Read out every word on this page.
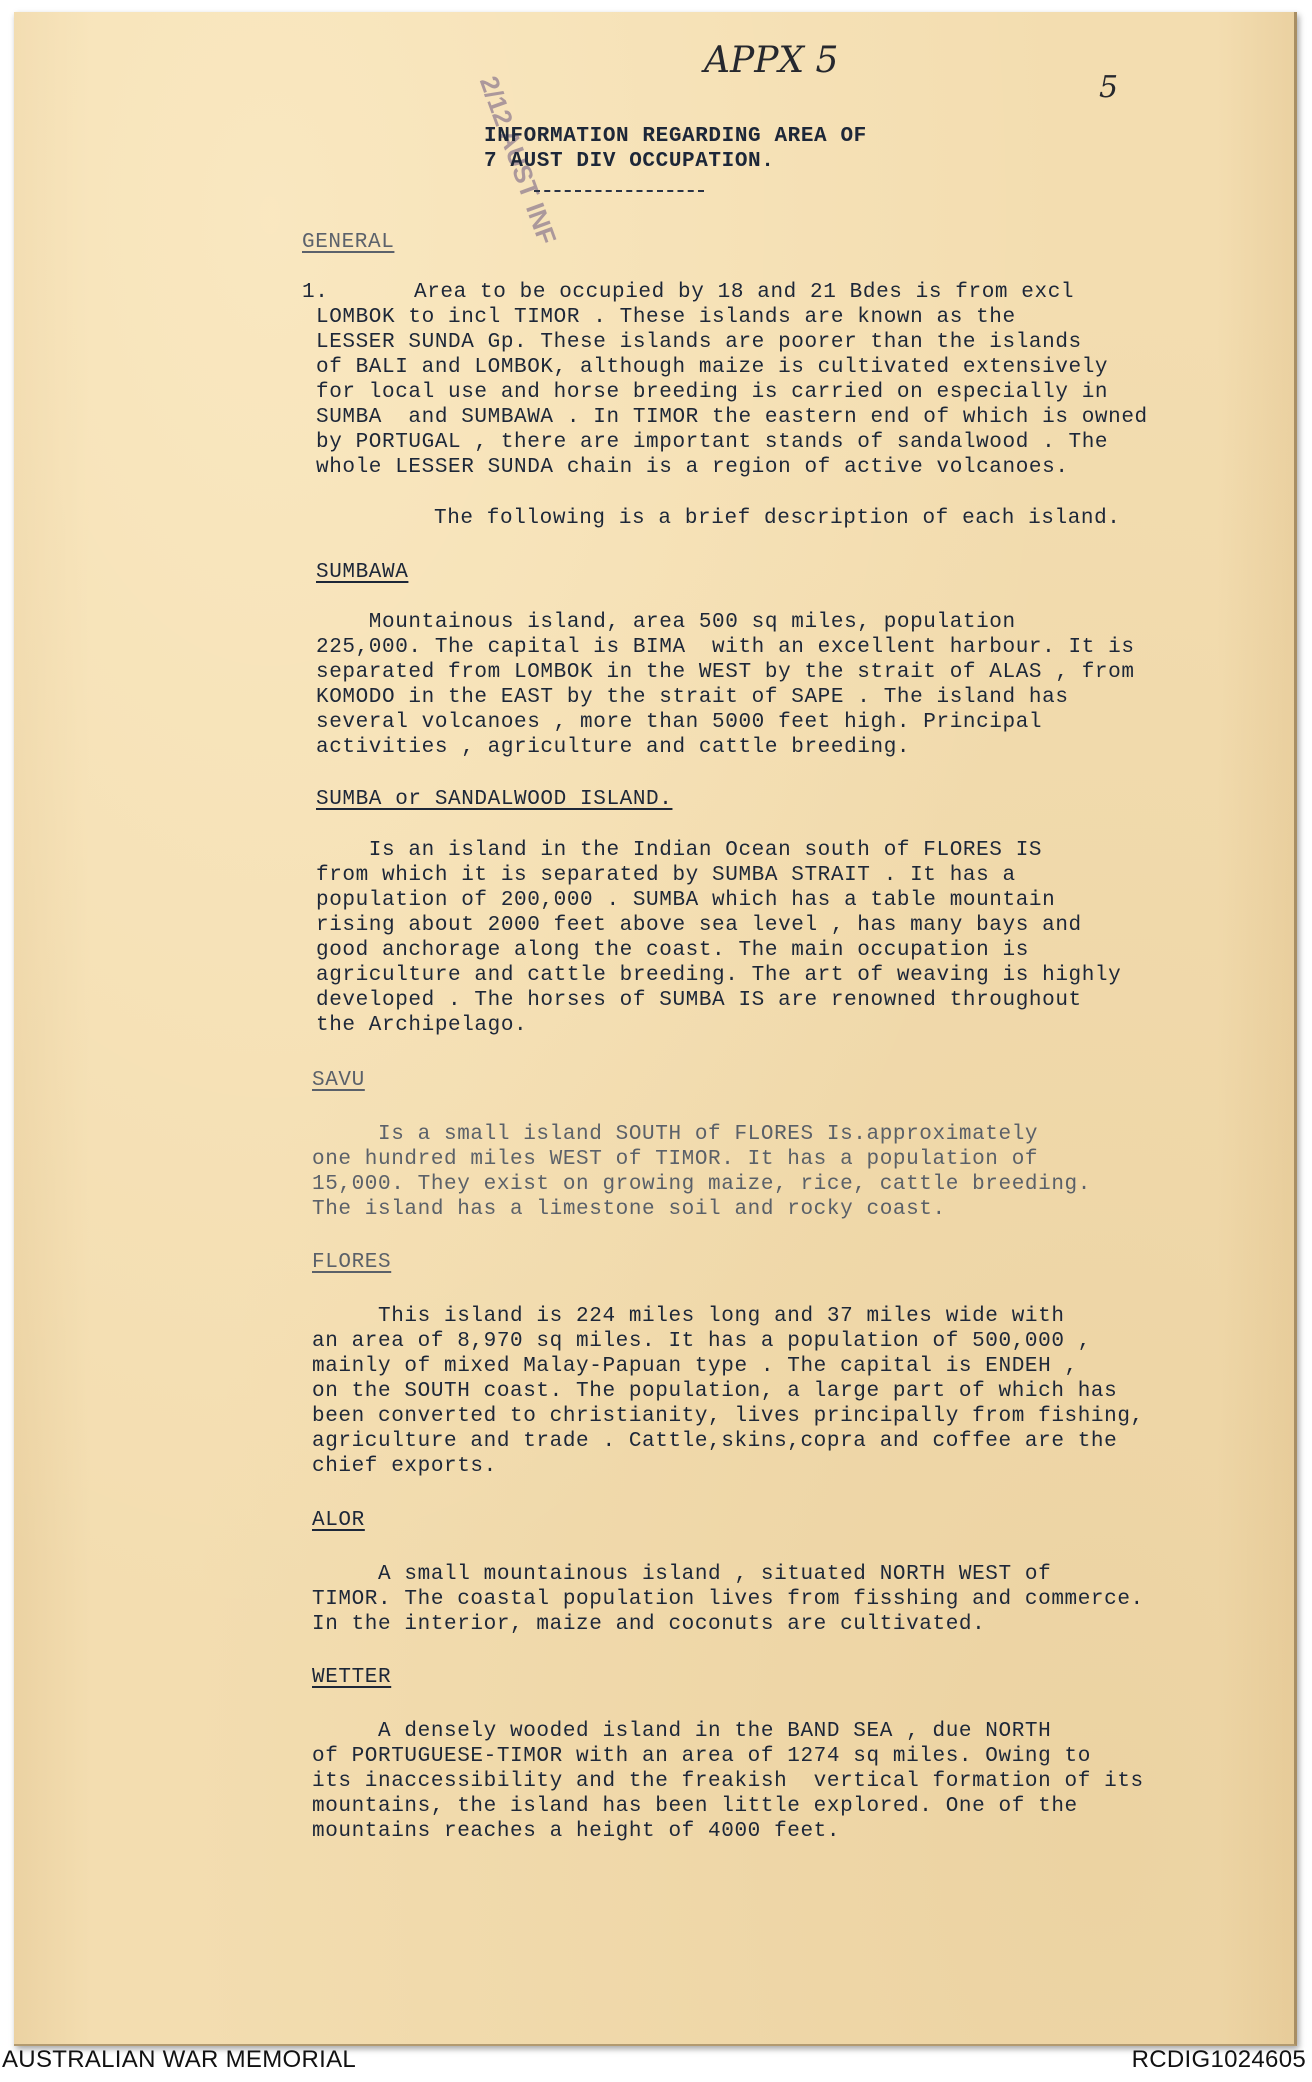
APPX 5
5
2/12 AUST INF
INFORMATION REGARDING AREA OF
7 AUST DIV OCCUPATION.
GENERAL
1.	Area to be occupied by 18 and 21 Bdes is from excl
LOMBOK to incl TIMOR . These islands are known as the
LESSER SUNDA Gp. These islands are poorer than the islands
of BALI and LOMBOK, although maize is cultivated extensively
for local use and horse breeding is carried on especially in
SUMBA  and SUMBAWA . In TIMOR the eastern end of which is owned
by PORTUGAL , there are important stands of sandalwood . The
whole LESSER SUNDA chain is a region of active volcanoes.
The following is a brief description of each island.
SUMBAWA
Mountainous island, area 500 sq miles, population
225,000. The capital is BIMA  with an excellent harbour. It is
separated from LOMBOK in the WEST by the strait of ALAS , from
KOMODO in the EAST by the strait of SAPE . The island has
several volcanoes , more than 5000 feet high. Principal
activities , agriculture and cattle breeding.
SUMBA or SANDALWOOD ISLAND.
Is an island in the Indian Ocean south of FLORES IS
from which it is separated by SUMBA STRAIT . It has a
population of 200,000 . SUMBA which has a table mountain
rising about 2000 feet above sea level , has many bays and
good anchorage along the coast. The main occupation is
agriculture and cattle breeding. The art of weaving is highly
developed . The horses of SUMBA IS are renowned throughout
the Archipelago.
SAVU
Is a small island SOUTH of FLORES Is.approximately
one hundred miles WEST of TIMOR. It has a population of
15,000. They exist on growing maize, rice, cattle breeding.
The island has a limestone soil and rocky coast.
FLORES
This island is 224 miles long and 37 miles wide with
an area of 8,970 sq miles. It has a population of 500,000 ,
mainly of mixed Malay-Papuan type . The capital is ENDEH ,
on the SOUTH coast. The population, a large part of which has
been converted to christianity, lives principally from fishing,
agriculture and trade . Cattle,skins,copra and coffee are the
chief exports.
ALOR
A small mountainous island , situated NORTH WEST of
TIMOR. The coastal population lives from fisshing and commerce.
In the interior, maize and coconuts are cultivated.
WETTER
A densely wooded island in the BAND SEA , due NORTH
of PORTUGUESE-TIMOR with an area of 1274 sq miles. Owing to
its inaccessibility and the freakish  vertical formation of its
mountains, the island has been little explored. One of the
mountains reaches a height of 4000 feet.
AUSTRALIAN WAR MEMORIAL	RCDIG1024605
